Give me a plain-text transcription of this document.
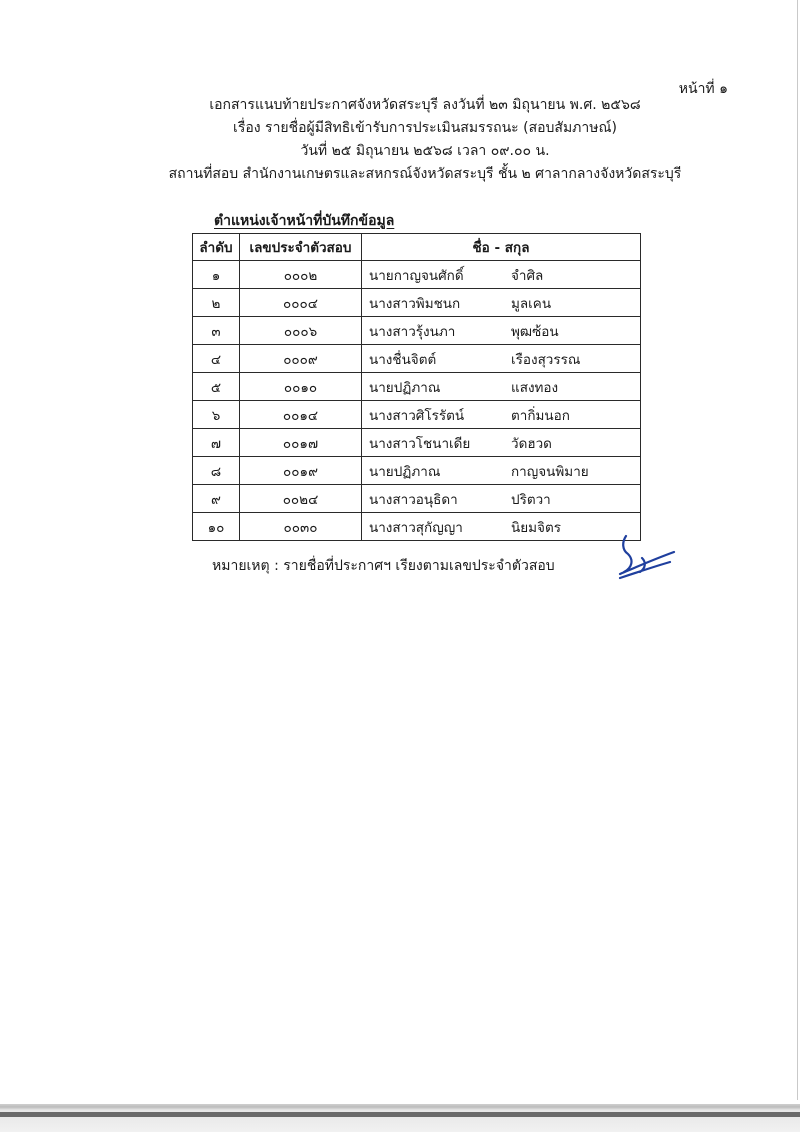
หน้าที่ ๑
เอกสารแนบท้ายประกาศจังหวัดสระบุรี ลงวันที่ ๒๓ มิถุนายน พ.ศ. ๒๕๖๘
เรื่อง รายชื่อผู้มีสิทธิเข้ารับการประเมินสมรรถนะ (สอบสัมภาษณ์)
วันที่ ๒๕ มิถุนายน ๒๕๖๘ เวลา ๐๙.๐๐ น.
สถานที่สอบ สำนักงานเกษตรและสหกรณ์จังหวัดสระบุรี ชั้น ๒ ศาลากลางจังหวัดสระบุรี
ตำแหน่งเจ้าหน้าที่บันทึกข้อมูล
ลำดับ	เลขประจำตัวสอบ	ชื่อ - สกุล
๑	๐๐๐๒	นายกาญจนศักดิ์ จำศิล

๒	๐๐๐๔	นางสาวพิมชนก มูลเคน

๓	๐๐๐๖	นางสาวรุ้งนภา พุฒซ้อน

๔	๐๐๐๙	นางชื่นจิตต์ เรืองสุวรรณ

๕	๐๐๑๐	นายปฏิภาณ แสงทอง

๖	๐๐๑๔	นางสาวศิโรรัตน์ ตากิ่มนอก

๗	๐๐๑๗	นางสาวโชนาเดีย วัดฮวด

๘	๐๐๑๙	นายปฏิภาณ กาญจนพิมาย

๙	๐๐๒๔	นางสาวอนุธิดา ปริตวา

๑๐	๐๐๓๐	นางสาวสุกัญญา นิยมจิตร
หมายเหตุ : รายชื่อที่ประกาศฯ เรียงตามเลขประจำตัวสอบ
